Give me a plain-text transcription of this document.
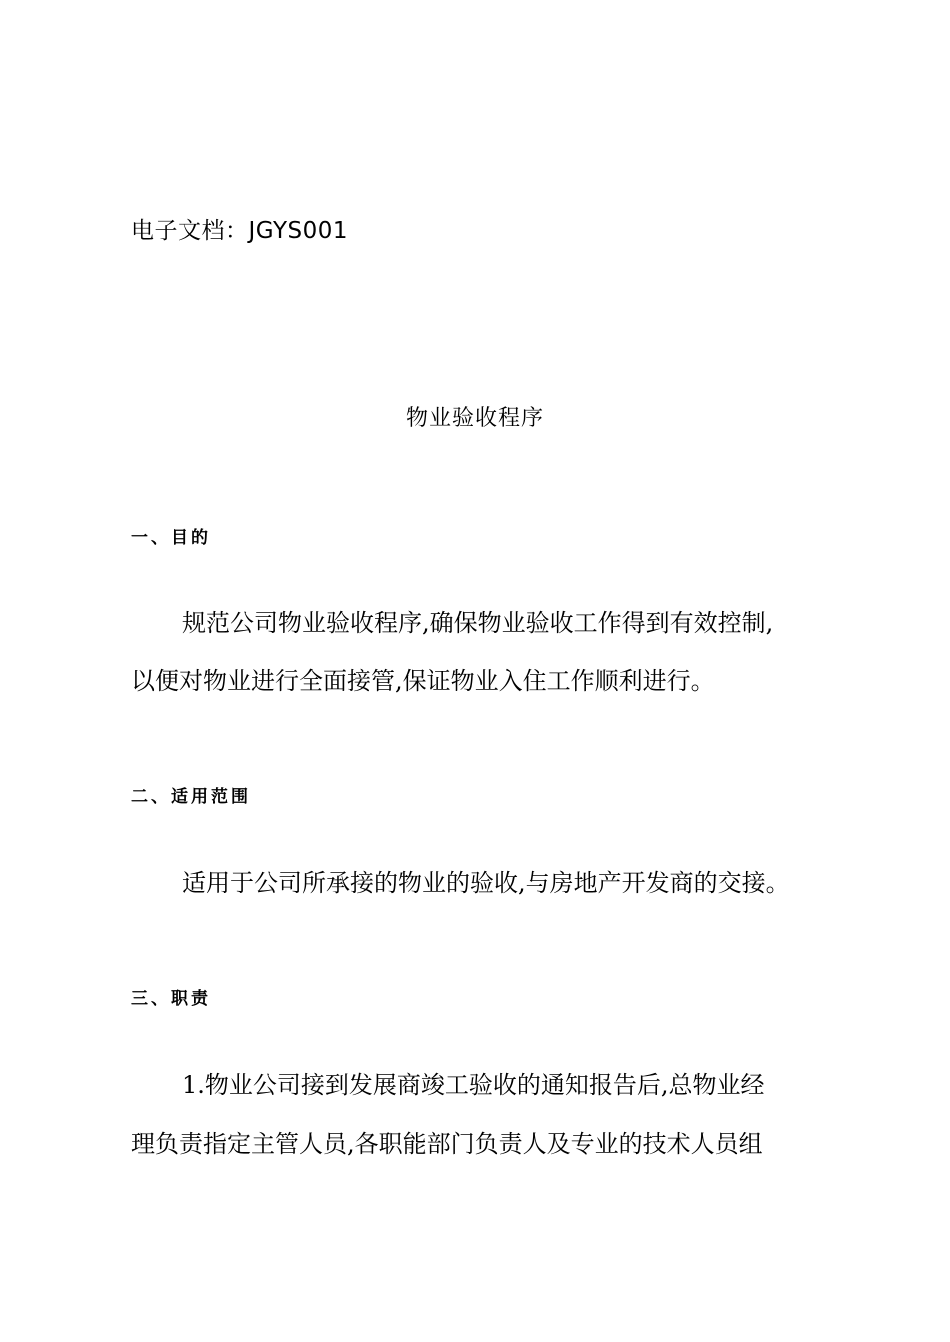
电子文档：JGYS001
物业验收程序
一、目的
规范公司物业验收程序,确保物业验收工作得到有效控制,
以便对物业进行全面接管,保证物业入住工作顺利进行。
二、适用范围
适用于公司所承接的物业的验收,与房地产开发商的交接。
三、职责
1.物业公司接到发展商竣工验收的通知报告后,总物业经
理负责指定主管人员,各职能部门负责人及专业的技术人员组
